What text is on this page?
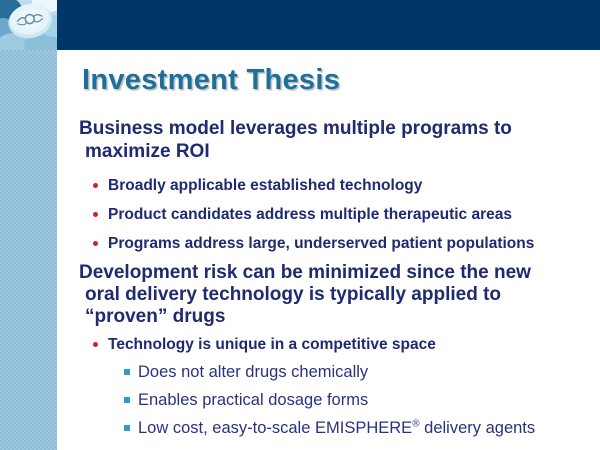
Investment Thesis
Business model leverages multiple programs to
maximize ROI
Broadly applicable established technology
Product candidates address multiple therapeutic areas
Programs address large, underserved patient populations
Development risk can be minimized since the new
oral delivery technology is typically applied to
“proven” drugs
Technology is unique in a competitive space
Does not alter drugs chemically
Enables practical dosage forms
Low cost, easy-to-scale EMISPHERE® delivery agents
